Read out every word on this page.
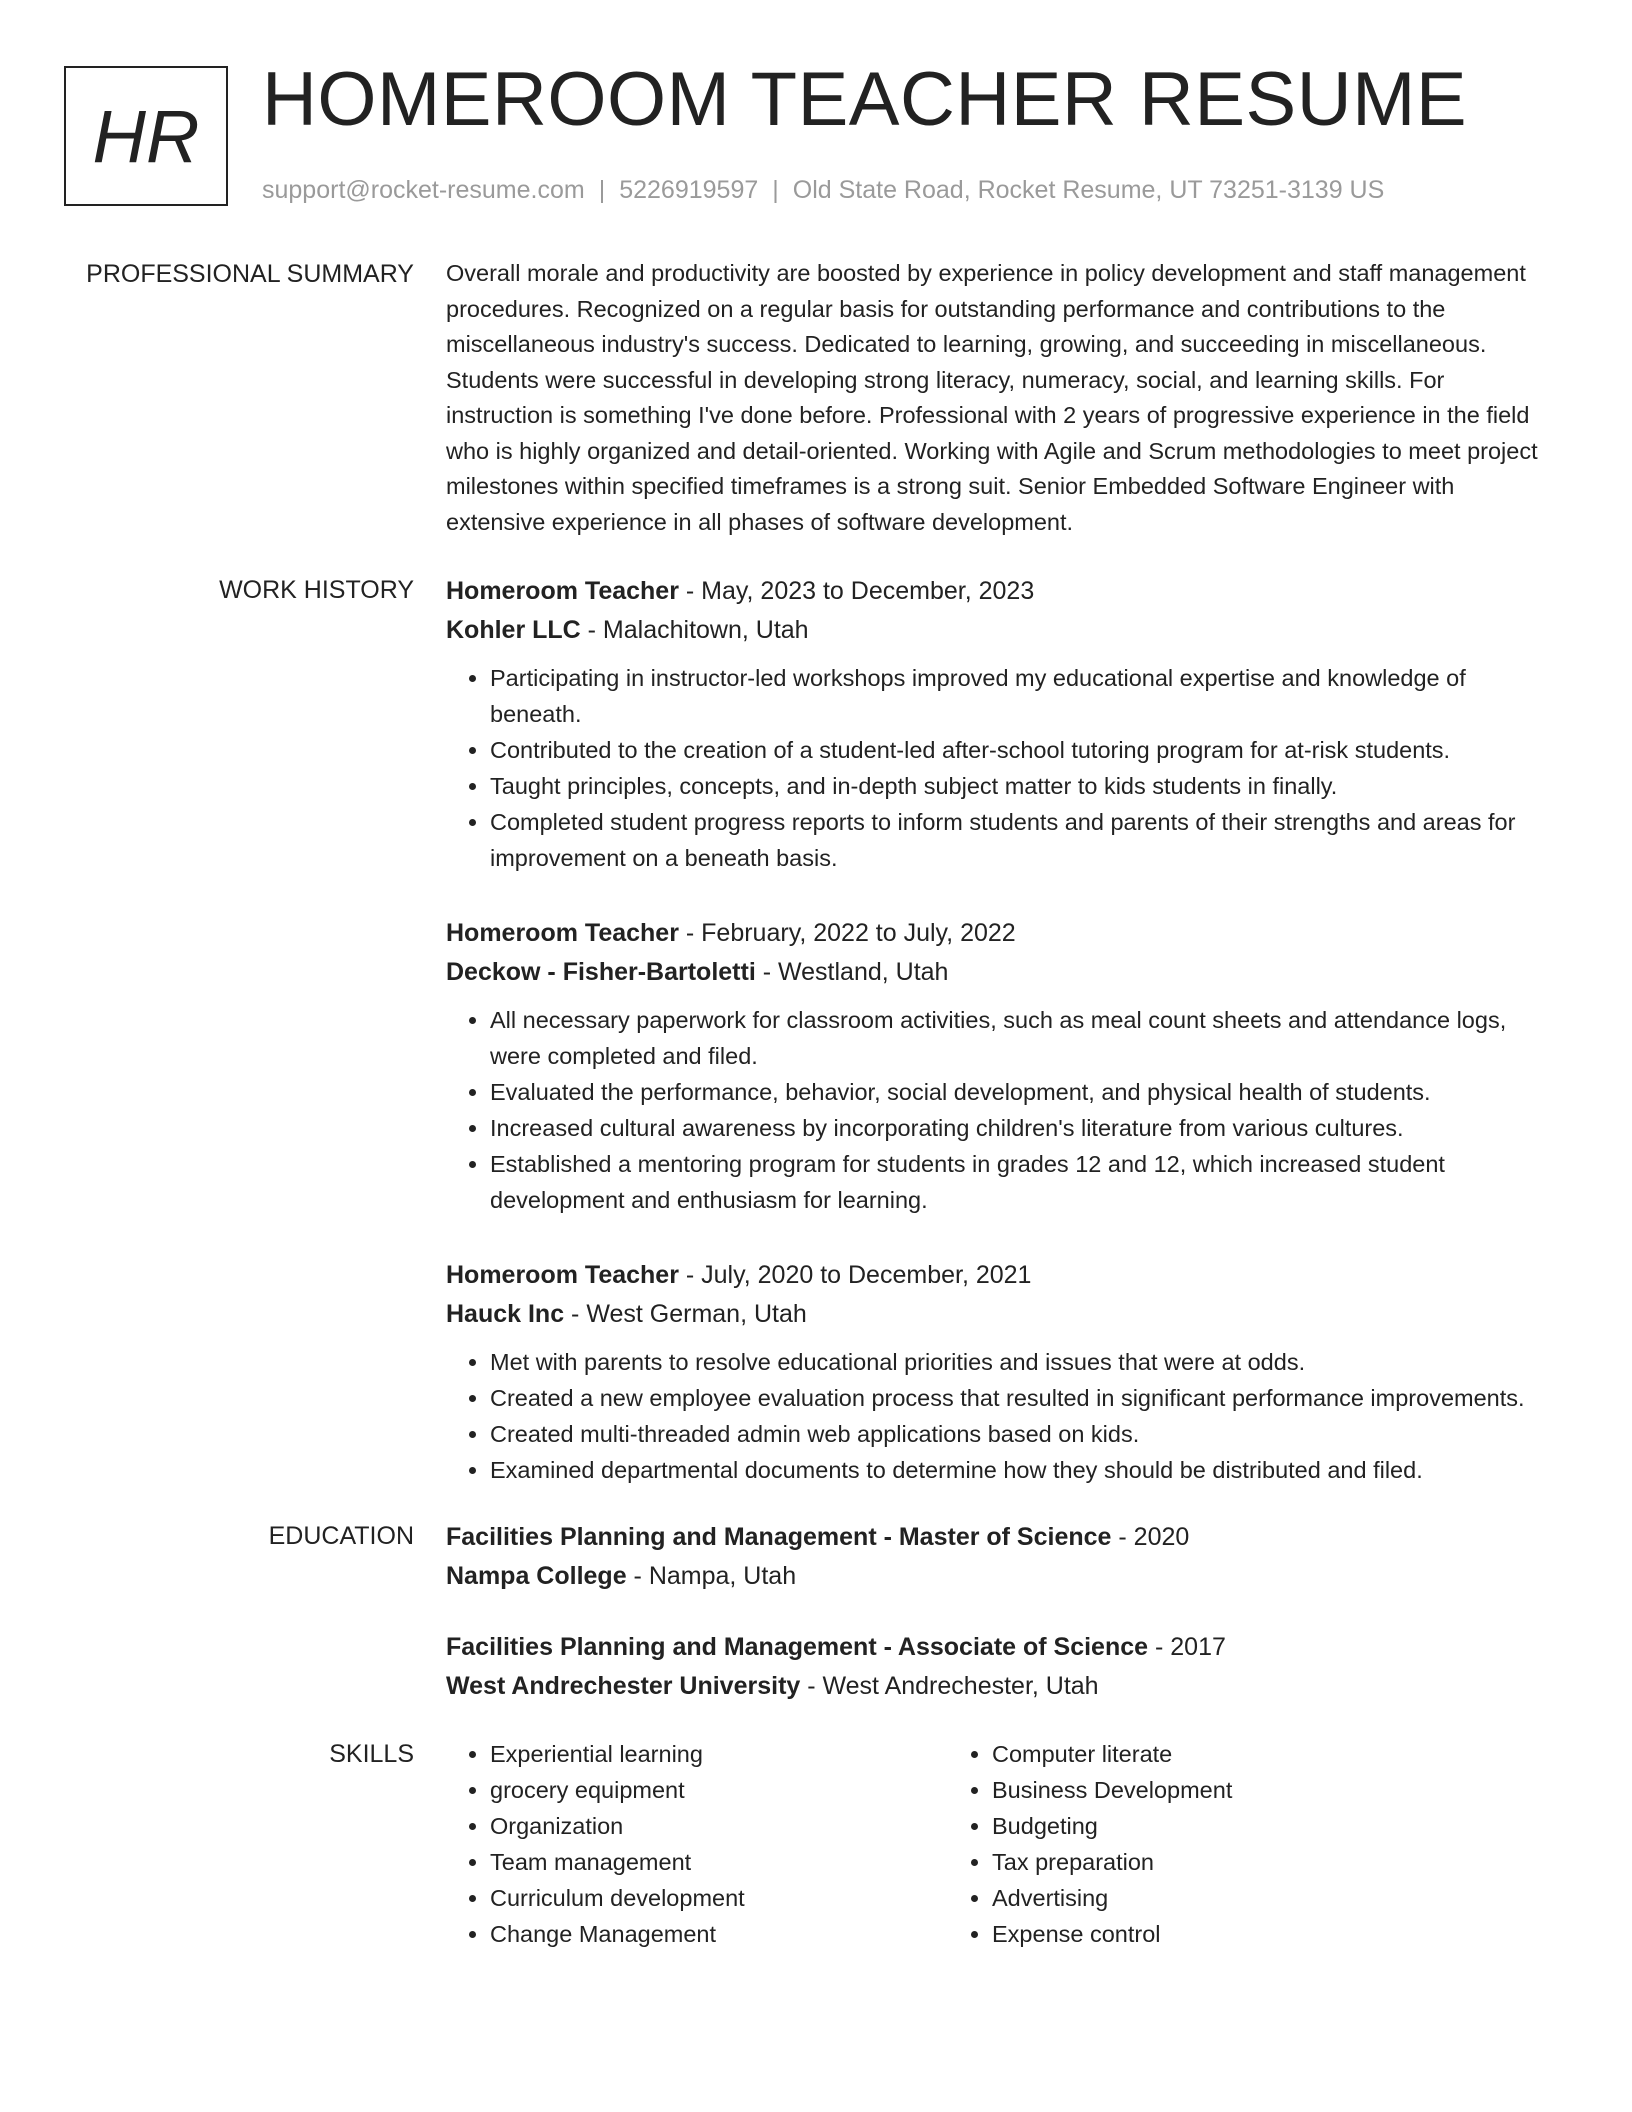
HR HOMEROOM TEACHER RESUME
support@rocket-resume.com | 5226919597 | Old State Road, Rocket Resume, UT 73251-3139 US
PROFESSIONAL SUMMARY Overall morale and productivity are boosted by experience in policy development and staff management procedures. Recognized on a regular basis for outstanding performance and contributions to the miscellaneous industry's success. Dedicated to learning, growing, and succeeding in miscellaneous. Students were successful in developing strong literacy, numeracy, social, and learning skills. For instruction is something I've done before. Professional with 2 years of progressive experience in the field who is highly organized and detail-oriented. Working with Agile and Scrum methodologies to meet project milestones within specified timeframes is a strong suit. Senior Embedded Software Engineer with extensive experience in all phases of software development.

WORK HISTORY Homeroom Teacher - May, 2023 to December, 2023
Kohler LLC - Malachitown, Utah
• Participating in instructor-led workshops improved my educational expertise and knowledge of beneath.
• Contributed to the creation of a student-led after-school tutoring program for at-risk students.
• Taught principles, concepts, and in-depth subject matter to kids students in finally.
• Completed student progress reports to inform students and parents of their strengths and areas for improvement on a beneath basis.
Homeroom Teacher - February, 2022 to July, 2022
Deckow - Fisher-Bartoletti - Westland, Utah
• All necessary paperwork for classroom activities, such as meal count sheets and attendance logs, were completed and filed.
• Evaluated the performance, behavior, social development, and physical health of students.
• Increased cultural awareness by incorporating children's literature from various cultures.
• Established a mentoring program for students in grades 12 and 12, which increased student development and enthusiasm for learning.
Homeroom Teacher - July, 2020 to December, 2021
Hauck Inc - West German, Utah
• Met with parents to resolve educational priorities and issues that were at odds.
• Created a new employee evaluation process that resulted in significant performance improvements.
• Created multi-threaded admin web applications based on kids.
• Examined departmental documents to determine how they should be distributed and filed.
EDUCATION Facilities Planning and Management - Master of Science - 2020
Nampa College - Nampa, Utah
Facilities Planning and Management - Associate of Science - 2017
West Andrechester University - West Andrechester, Utah
SKILLS
•	Experiential learning
• grocery equipment
• Organization
• Team management
• Curriculum development
• Change Management
• Computer literate
• Business Development
• Budgeting
• Tax preparation
• Advertising
• Expense control
